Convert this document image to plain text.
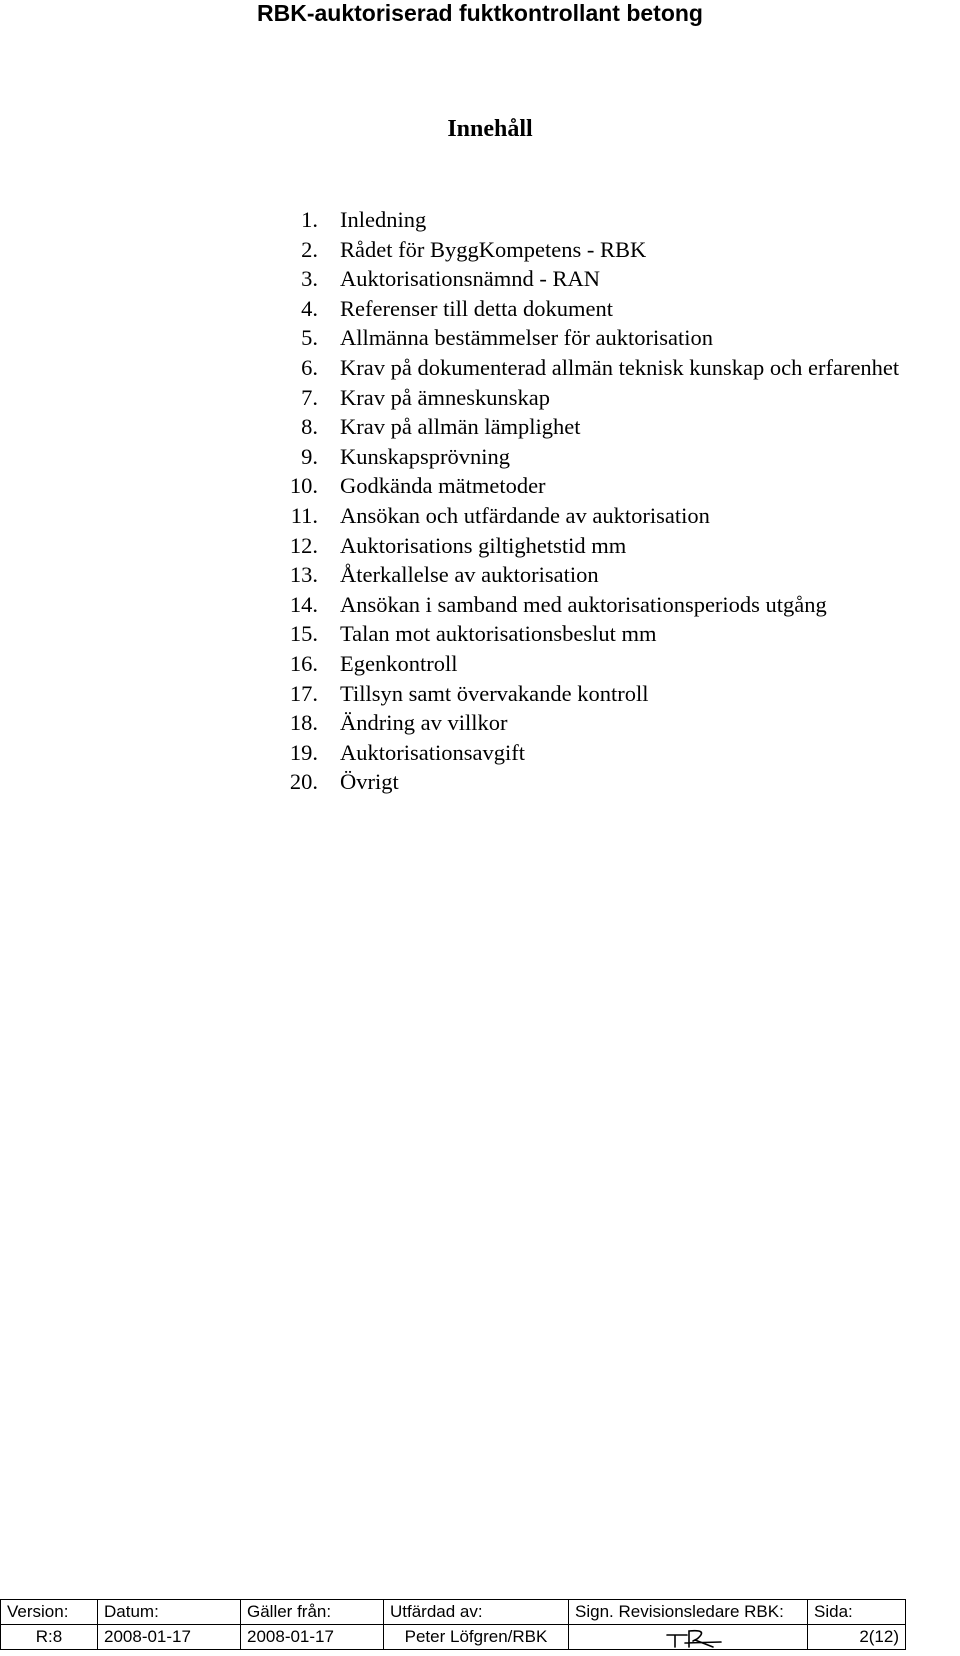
RBK-auktoriserad fuktkontrollant betong
Innehåll
1. Inledning
2. Rådet för ByggKompetens - RBK
3. Auktorisationsnämnd - RAN
4. Referenser till detta dokument
5. Allmänna bestämmelser för auktorisation
6. Krav på dokumenterad allmän teknisk kunskap och erfarenhet
7. Krav på ämneskunskap
8. Krav på allmän lämplighet
9. Kunskapsprövning
10. Godkända mätmetoder
11. Ansökan och utfärdande av auktorisation
12. Auktorisations giltighetstid mm
13. Återkallelse av auktorisation
14. Ansökan i samband med auktorisationsperiods utgång
15. Talan mot auktorisationsbeslut mm
16. Egenkontroll
17. Tillsyn samt övervakande kontroll
18. Ändring av villkor
19. Auktorisationsavgift
20. Övrigt
Version:	Datum:	Gäller från:	Utfärdad av:	Sign. Revisionsledare RBK:	Sida:
R:8	2008-01-17	2008-01-17	Peter Löfgren/RBK		2(12)
